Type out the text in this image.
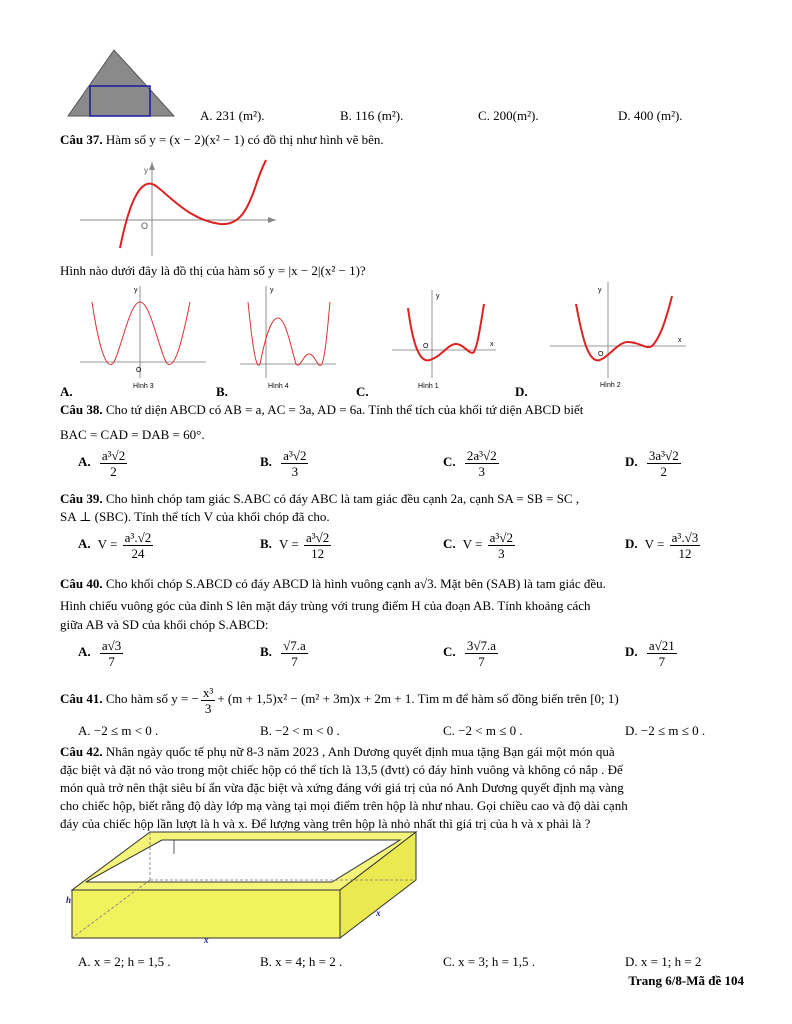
A. 231 (m²).	B. 116 (m²).	C. 200(m²).	D. 400 (m²).
Câu 37. Hàm số y = (x − 2)(x² − 1) có đồ thị như hình vẽ bên.
y
O
Hình nào dưới đây là đồ thị của hàm số y = |x − 2|(x² − 1)?
y
O
Hình 3
y
Hình 4
y
O	x
Hình 1
y
O
x
Hình 2
A.	B.	C.	D.
Câu 38. Cho tứ diện ABCD có AB = a, AC = 3a, AD = 6a. Tính thể tích của khối tứ diện ABCD biết
BAC = CAD = DAB = 60°.
A. $\frac{\text{a³√2}}{2}$	B. $\frac{\text{a³√2}}{3}$	C. $\frac{\text{2a³√2}}{3}$	D. $\frac{\text{3a³√2}}{2}$
Câu 39. Cho hình chóp tam giác S.ABC có đáy ABC là tam giác đều cạnh 2a, cạnh SA = SB = SC ,
SA ⊥ (SBC). Tính thể tích V của khối chóp đã cho.
A. $V = \frac{\text{a³.√2}}{24}$	B. $V = \frac{\text{a³√2}}{12}$	C. $V = \frac{\text{a³√2}}{3}$	D. $V = \frac{\text{a³.√3}}{12}$
Câu 40. Cho khối chóp S.ABCD có đáy ABCD là hình vuông cạnh a√3. Mặt bên (SAB) là tam giác đều.
Hình chiếu vuông góc của đỉnh S lên mặt đáy trùng với trung điểm H của đoạn AB. Tính khoảng cách
giữa AB và SD của khối chóp S.ABCD:
A. $\frac{a√3}{7}$	B. $\frac{√7.a}{7}$	C. $\frac{3√7.a}{7}$	D. $\frac{a√21}{7}$
Câu 41. Cho hàm số y = − $\frac{\text{x³}}{3} + (m + 1,5)x^2 - (m^2 + 3m)x + 2m + 1$. Tìm m để hàm số đồng biến trên [0; 1)
A. −2 ≤ m < 0 .	B. −2 < m < 0 .	C. −2 < m ≤ 0 .	D. −2 ≤ m ≤ 0 .
Câu 42. Nhân ngày quốc tế phụ nữ 8-3 năm 2023 , Anh Dương quyết định mua tặng Bạn gái một món quà
đặc biệt và đặt nó vào trong một chiếc hộp có thể tích là 13,5 (đvtt) có đáy hình vuông và không có nắp . Để
món quà trở nên thật siêu bí ẩn vừa đặc biệt và xứng đáng với giá trị của nó Anh Dương quyết định mạ vàng
cho chiếc hộp, biết rằng độ dày lớp mạ vàng tại mọi điểm trên hộp là như nhau. Gọi chiều cao và độ dài cạnh
đáy của chiếc hộp lần lượt là h và x. Để lượng vàng trên hộp là nhỏ nhất thì giá trị của h và x phải là ?
h
x
x
A. x = 2; h = 1,5 .	B. x = 4; h = 2 .	C. x = 3; h = 1,5 .	D. x = 1; h = 2
Trang 6/8-Mã đề 104
